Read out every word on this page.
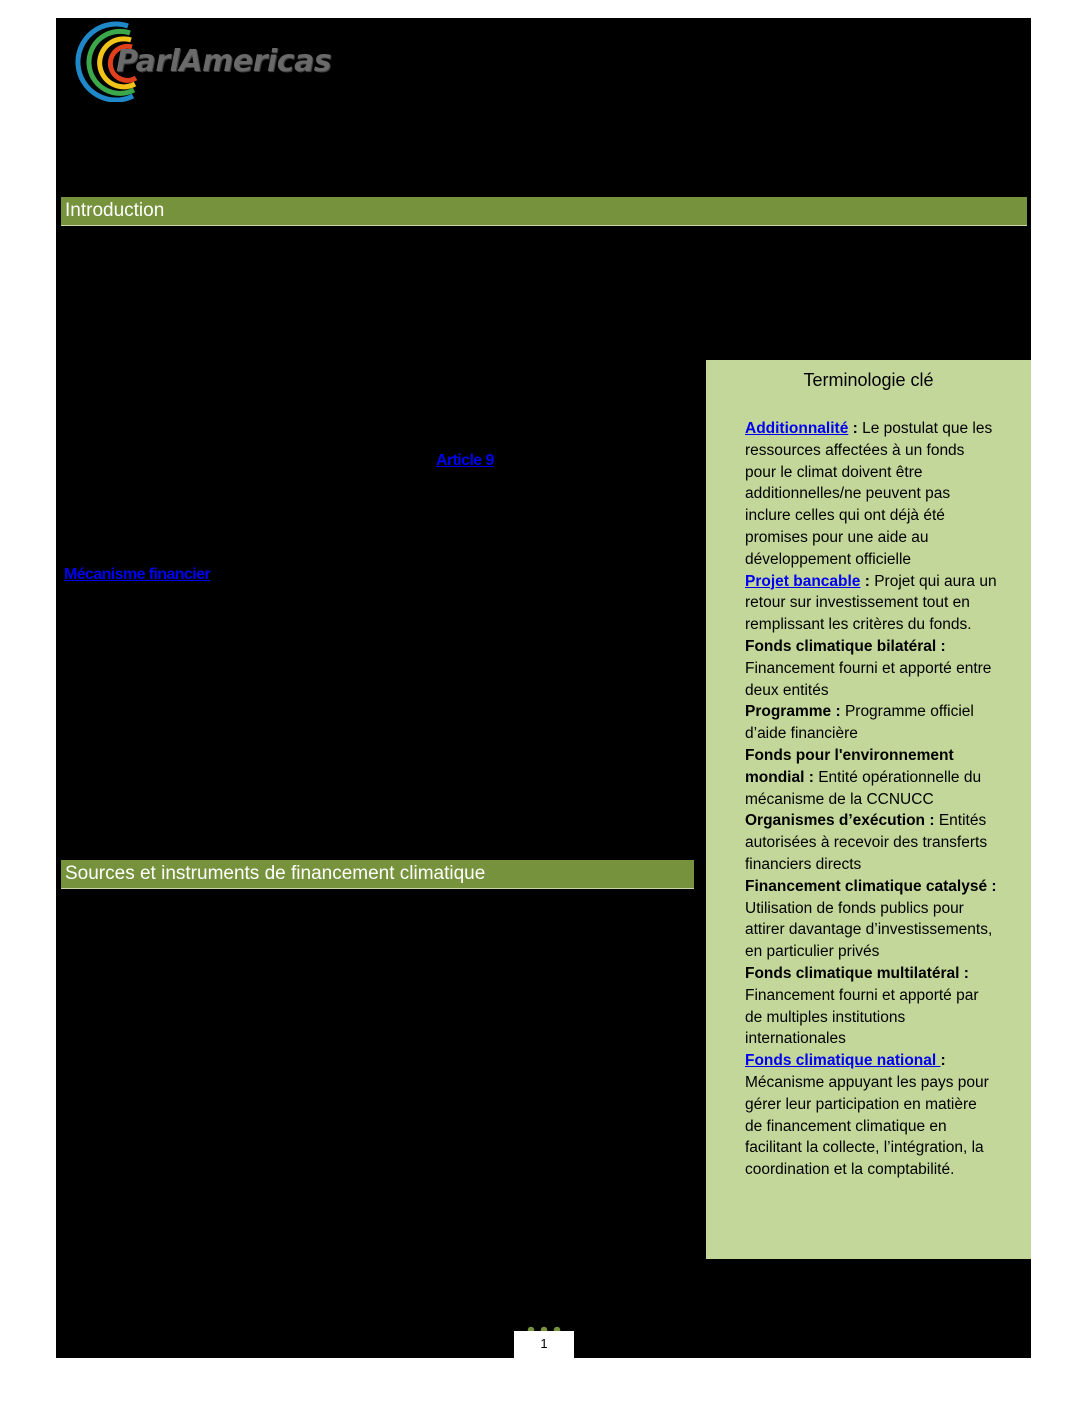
ParlAmericas
Introduction
Article 9
Mécanisme financier
Sources et instruments de financement climatique
Terminologie clé
Additionnalité : Le postulat que les ressources affectées à un fonds pour le climat doivent être additionnelles/ne peuvent pas inclure celles qui ont déjà été promises pour une aide au développement officielle
Projet bancable : Projet qui aura un retour sur investissement tout en remplissant les critères du fonds.
Fonds climatique bilatéral : Financement fourni et apporté entre deux entités
Programme : Programme officiel d’aide financière
Fonds pour l'environnement mondial : Entité opérationnelle du mécanisme de la CCNUCC
Organismes d’exécution : Entités autorisées à recevoir des transferts financiers directs
Financement climatique catalysé : Utilisation de fonds publics pour attirer davantage d’investissements, en particulier privés
Fonds climatique multilatéral : Financement fourni et apporté par de multiples institutions internationales
Fonds climatique national : Mécanisme appuyant les pays pour gérer leur participation en matière de financement climatique en facilitant la collecte, l’intégration, la coordination et la comptabilité.
1
